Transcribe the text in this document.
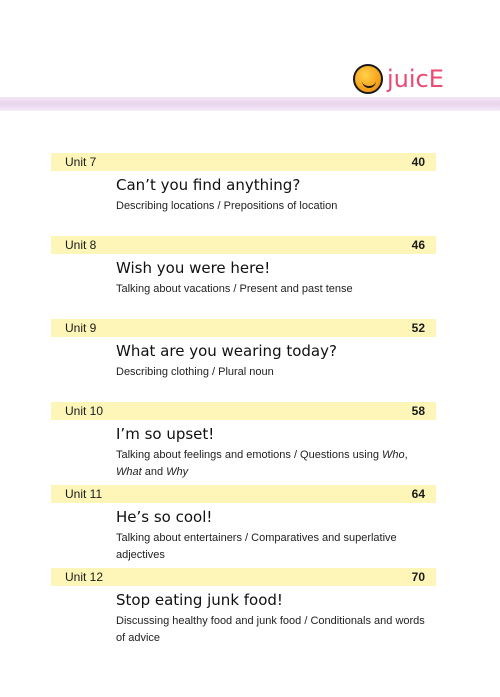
juicE
Unit 7	40
Can’t you find anything?
Describing locations / Prepositions of location
Unit 8	46
Wish you were here!
Talking about vacations / Present and past tense
Unit 9	52
What are you wearing today?
Describing clothing / Plural noun
Unit 10	58
I’m so upset!
Talking about feelings and emotions / Questions using Who, What and Why
Unit 11	64
He’s so cool!
Talking about entertainers / Comparatives and superlative adjectives
Unit 12	70
Stop eating junk food!
Discussing healthy food and junk food / Conditionals and words of advice
